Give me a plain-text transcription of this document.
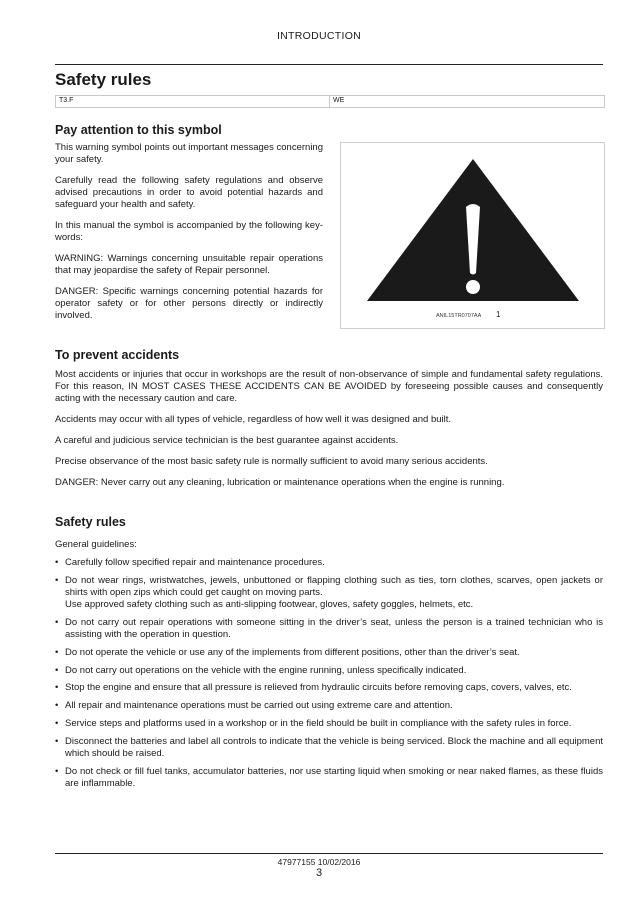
INTRODUCTION
Safety rules
T3.F	WE
Pay attention to this symbol

This warning symbol points out important messages concerning your safety.

Carefully read the following safety regulations and observe advised precautions in order to avoid potential hazards and safeguard your health and safety.

In this manual the symbol is accompanied by the following key-words:

WARNING: Warnings concerning unsuitable repair operations that may jeopardise the safety of Repair personnel.

DANGER: Specific warnings concerning potential hazards for operator safety or for other persons directly or indirectly involved.	ANIL15TR0707AA 1
To prevent accidents

Most accidents or injuries that occur in workshops are the result of non-observance of simple and fundamental safety regulations. For this reason, IN MOST CASES THESE ACCIDENTS CAN BE AVOIDED by foreseeing possible causes and consequently acting with the necessary caution and care.

Accidents may occur with all types of vehicle, regardless of how well it was designed and built.

A careful and judicious service technician is the best guarantee against accidents.

Precise observance of the most basic safety rule is normally sufficient to avoid many serious accidents.

DANGER: Never carry out any cleaning, lubrication or maintenance operations when the engine is running.

Safety rules

General guidelines:

• Carefully follow specified repair and maintenance procedures.
• Do not wear rings, wristwatches, jewels, unbuttoned or flapping clothing such as ties, torn clothes, scarves, open jackets or shirts with open zips which could get caught on moving parts.
Use approved safety clothing such as anti-slipping footwear, gloves, safety goggles, helmets, etc.
• Do not carry out repair operations with someone sitting in the driver’s seat, unless the person is a trained technician who is assisting with the operation in question.
• Do not operate the vehicle or use any of the implements from different positions, other than the driver’s seat.
• Do not carry out operations on the vehicle with the engine running, unless specifically indicated.
• Stop the engine and ensure that all pressure is relieved from hydraulic circuits before removing caps, covers, valves, etc.
• All repair and maintenance operations must be carried out using extreme care and attention.
• Service steps and platforms used in a workshop or in the field should be built in compliance with the safety rules in force.
• Disconnect the batteries and label all controls to indicate that the vehicle is being serviced. Block the machine and all equipment which should be raised.
• Do not check or fill fuel tanks, accumulator batteries, nor use starting liquid when smoking or near naked flames, as these fluids are inflammable.
47977155 10/02/2016
3
